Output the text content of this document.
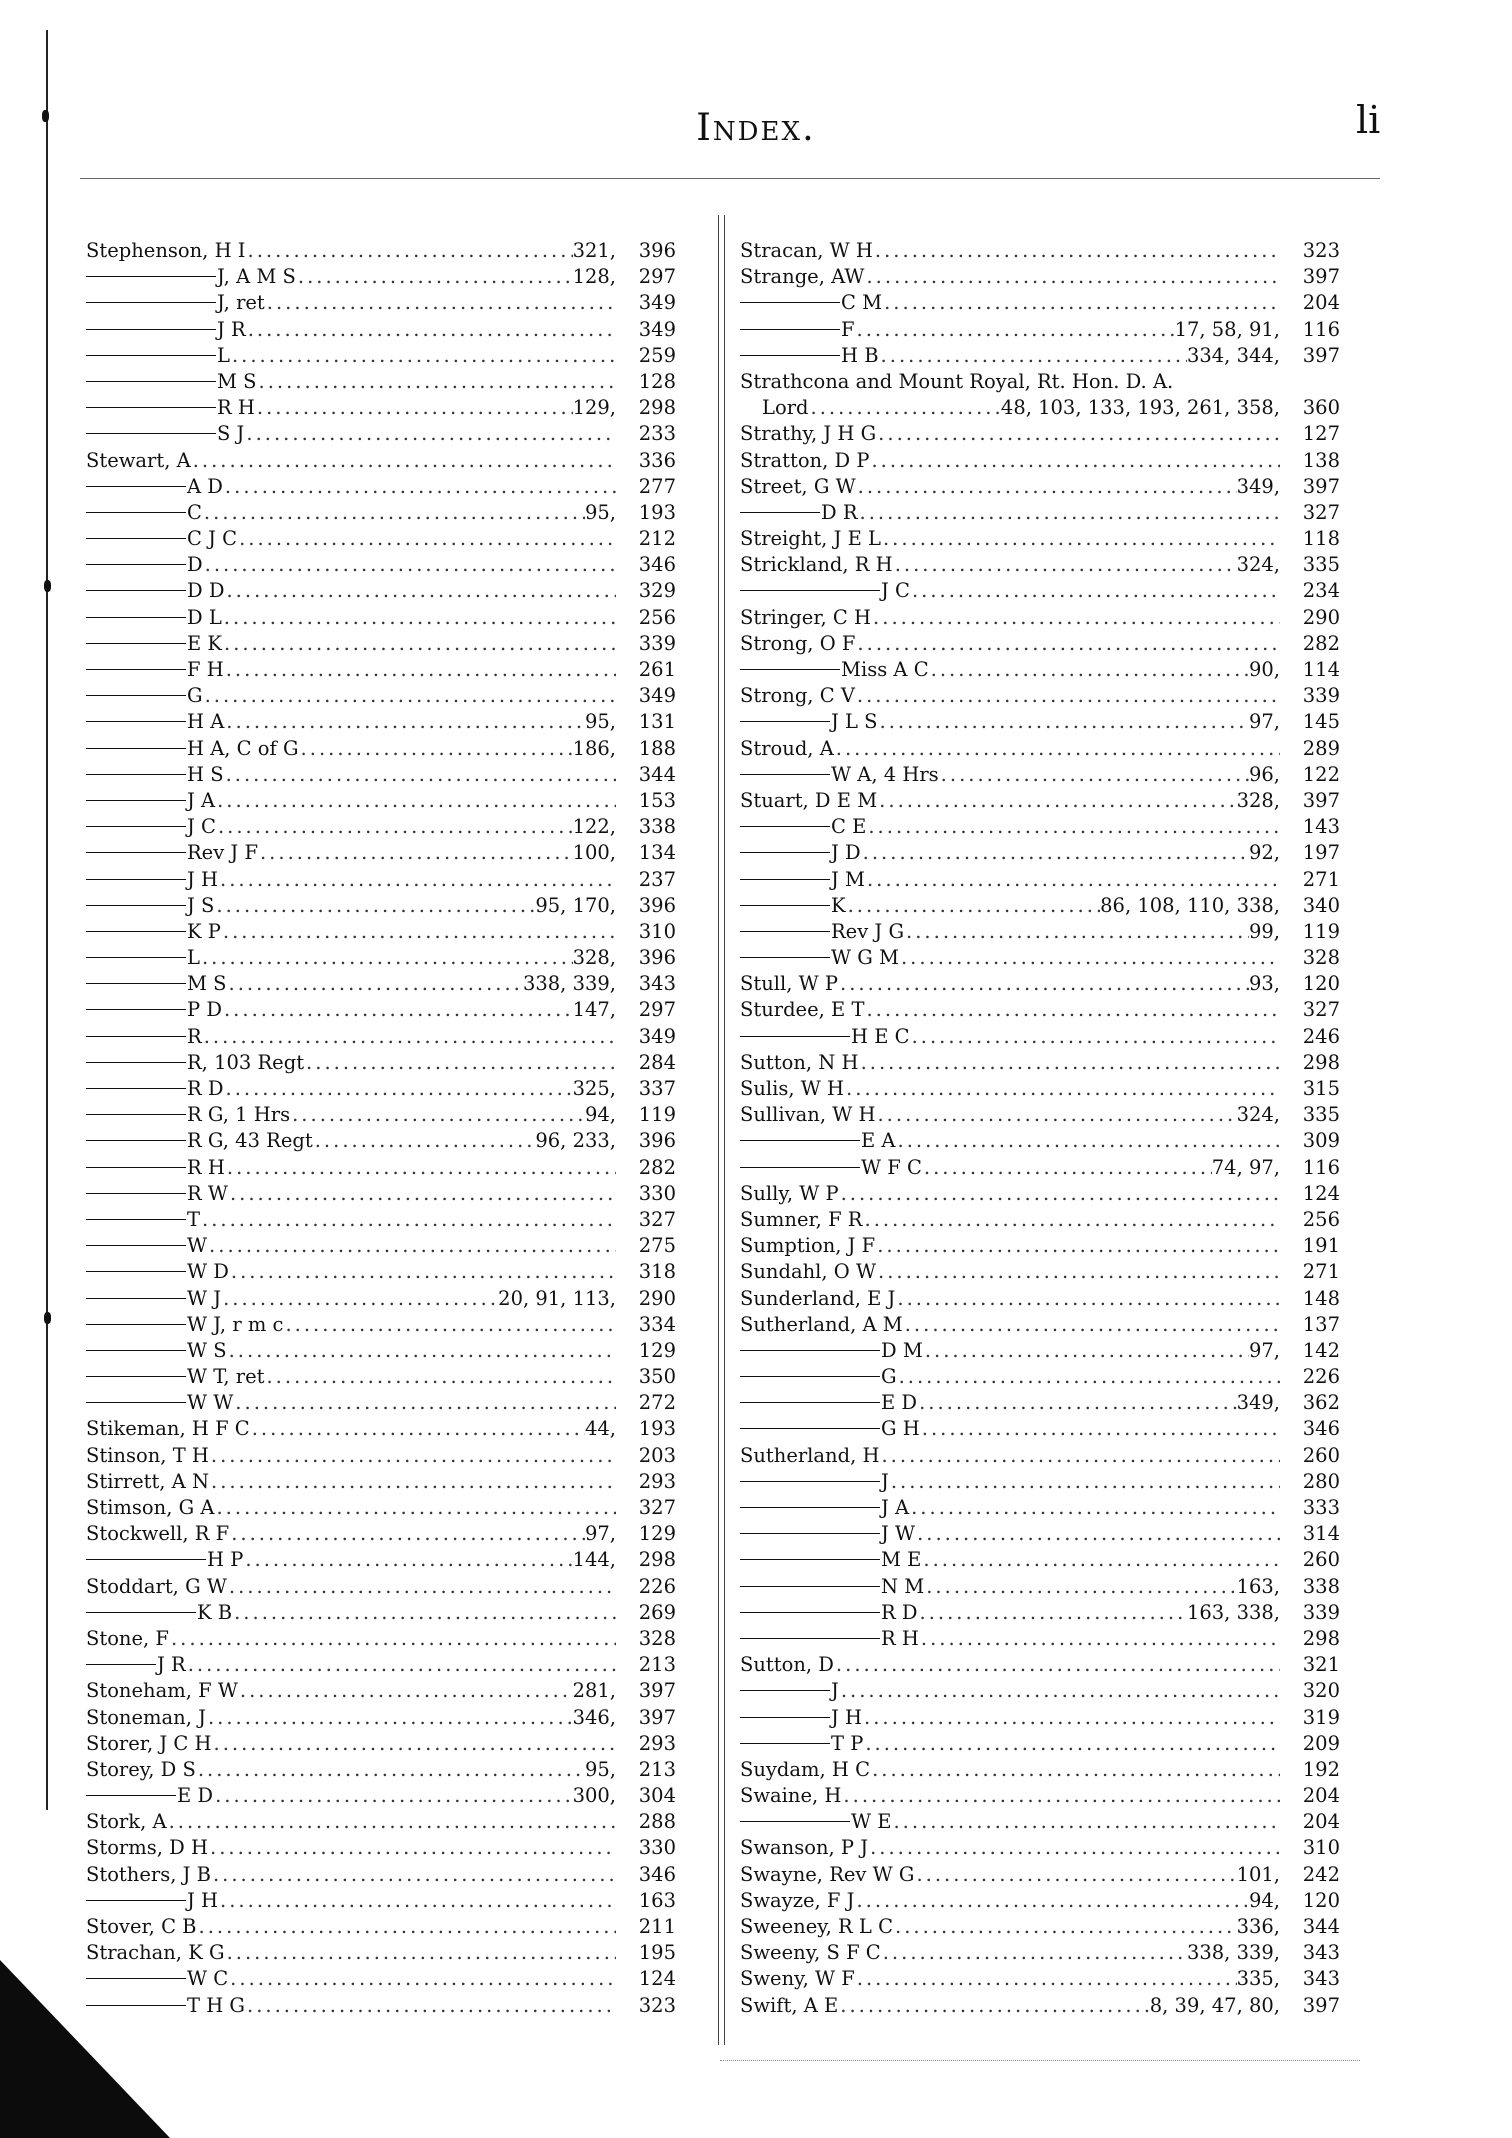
Index.	li
Stephenson, H I .....	321,	396
J, A M S .....	128,	297
J, ret .....	349
J R .....	349
L .....	259
M S .....	128
R H .....	129,	298
S J .....	233
Stewart, A .....	336
A D .....	277
C .....	95,	193
C J C .....	212
D .....	346
D D .....	329
D L .....	256
E K .....	339
F H .....	261
G .....	349
H A .....	95,	131
H A, C of G .....	186,	188
H S .....	344
J A .....	153
J C .....	122,	338
Rev J F .....	100,	134
J H .....	237
J S .....	95, 170,	396
K P .....	310
L .....	328,	396
M S .....	338, 339,	343
P D .....	147,	297
R .....	349
R, 103 Regt .....	284
R D .....	325,	337
R G, 1 Hrs .....	94,	119
R G, 43 Regt .....	96, 233,	396
R H .....	282
R W .....	330
T .....	327
W .....	275
W D .....	318
W J .....	20, 91, 113,	290
W J, r m c .....	334
W S .....	129
W T, ret .....	350
W W .....	272
Stikeman, H F C .....	44,	193
Stinson, T H .....	203
Stirrett, A N .....	293
Stimson, G A .....	327
Stockwell, R F .....	97,	129
H P .....	144,	298
Stoddart, G W .....	226
K B .....	269
Stone, F .....	328
J R .....	213
Stoneham, F W .....	281,	397
Stoneman, J .....	346,	397
Storer, J C H .....	293
Storey, D S .....	95,	213
E D .....	300,	304
Stork, A .....	288
Storms, D H .....	330
Stothers, J B .....	346
J H .....	163
Stover, C B .....	211
Strachan, K G .....	195
W C .....	124
T H G .....	323
Stracan, W H .....	323
Strange, AW .....	397
C M .....	204
F .....	17, 58, 91,	116
H B .....	334, 344,	397
Strathcona and Mount Royal, Rt. Hon. D. A.
Lord .....	48, 103, 133, 193, 261, 358,	360
Strathy, J H G .....	127
Stratton, D P .....	138
Street, G W .....	349,	397
D R .....	327
Streight, J E L .....	118
Strickland, R H .....	324,	335
J C .....	234
Stringer, C H .....	290
Strong, O F .....	282
Miss A C .....	90,	114
Strong, C V .....	339
J L S .....	97,	145
Stroud, A .....	289
W A, 4 Hrs .....	96,	122
Stuart, D E M .....	328,	397
C E .....	143
J D .....	92,	197
J M .....	271
K .....	86, 108, 110, 338,	340
Rev J G .....	99,	119
W G M .....	328
Stull, W P .....	93,	120
Sturdee, E T .....	327
H E C .....	246
Sutton, N H .....	298
Sulis, W H .....	315
Sullivan, W H .....	324,	335
E A .....	309
W F C .....	74, 97,	116
Sully, W P .....	124
Sumner, F R .....	256
Sumption, J F .....	191
Sundahl, O W .....	271
Sunderland, E J .....	148
Sutherland, A M .....	137
D M .....	97,	142
G .....	226
E D .....	349,	362
G H .....	346
Sutherland, H .....	260
J .....	280
J A .....	333
J W .....	314
M E .....	260
N M .....	163,	338
R D .....	163, 338,	339
R H .....	298
Sutton, D .....	321
J .....	320
J H .....	319
T P .....	209
Suydam, H C .....	192
Swaine, H .....	204
W E .....	204
Swanson, P J .....	310
Swayne, Rev W G .....	101,	242
Swayze, F J .....	94,	120
Sweeney, R L C .....	336,	344
Sweeny, S F C .....	338, 339,	343
Sweny, W F .....	335,	343
Swift, A E .....	8, 39, 47, 80,	397
